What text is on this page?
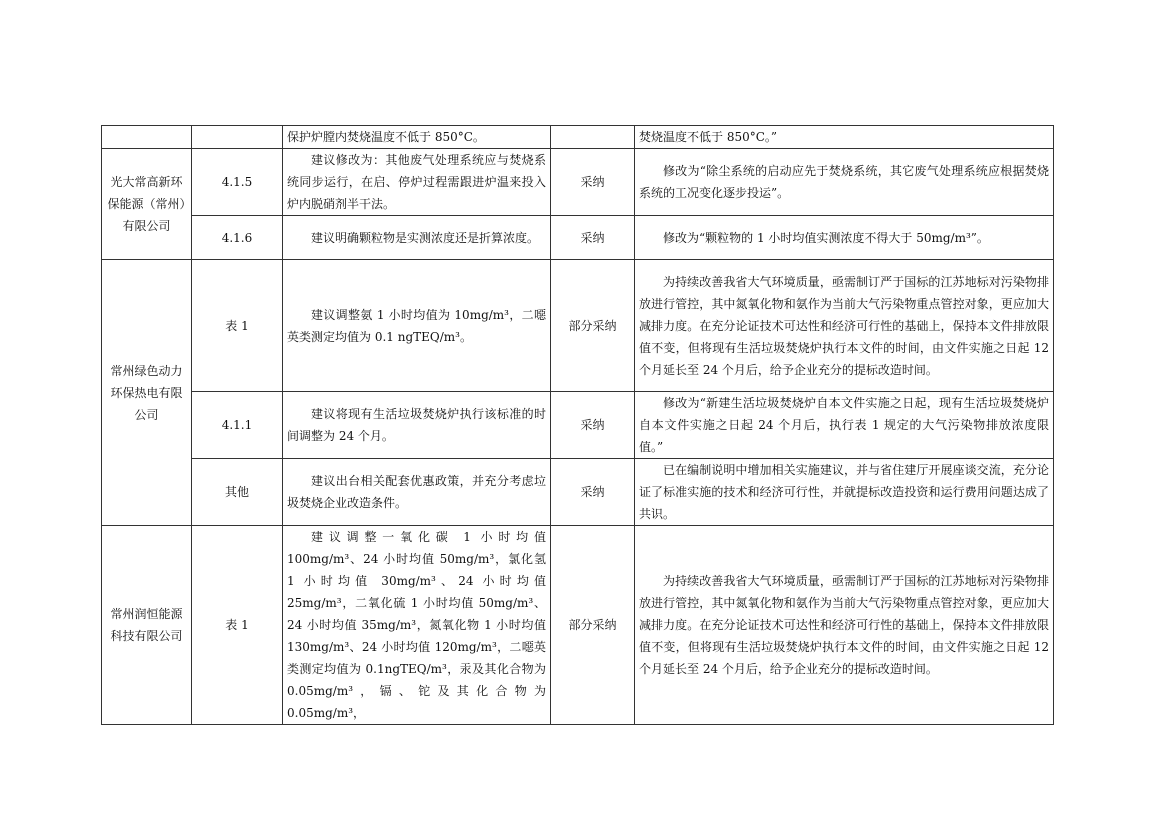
		保护炉膛内焚烧温度不低于 850°C。		焚烧温度不低于 850°C。”
光大常高新环保能源（常州）有限公司	4.1.5	建议修改为：其他废气处理系统应与焚烧系统同步运行，在启、停炉过程需跟进炉温来投入炉内脱硝剂半干法。	采纳	修改为“除尘系统的启动应先于焚烧系统，其它废气处理系统应根据焚烧系统的工况变化逐步投运”。
	4.1.6	建议明确颗粒物是实测浓度还是折算浓度。	采纳	修改为“颗粒物的 1 小时均值实测浓度不得大于 50mg/m³”。
常州绿色动力环保热电有限公司	表 1	建议调整氨 1 小时均值为 10mg/m³，二噁英类测定均值为 0.1 ngTEQ/m³。	部分采纳	为持续改善我省大气环境质量，亟需制订严于国标的江苏地标对污染物排放进行管控，其中氮氧化物和氨作为当前大气污染物重点管控对象，更应加大减排力度。在充分论证技术可达性和经济可行性的基础上，保持本文件排放限值不变，但将现有生活垃圾焚烧炉执行本文件的时间，由文件实施之日起 12 个月延长至 24 个月后，给予企业充分的提标改造时间。
	4.1.1	建议将现有生活垃圾焚烧炉执行该标准的时间调整为 24 个月。	采纳	修改为“新建生活垃圾焚烧炉自本文件实施之日起，现有生活垃圾焚烧炉自本文件实施之日起 24 个月后，执行表 1 规定的大气污染物排放浓度限值。”
	其他	建议出台相关配套优惠政策，并充分考虑垃圾焚烧企业改造条件。	采纳	已在编制说明中增加相关实施建议，并与省住建厅开展座谈交流，充分论证了标准实施的技术和经济可行性，并就提标改造投资和运行费用问题达成了共识。
常州润恒能源科技有限公司	表 1	建议调整一氧化碳 1 小时均值 100mg/m³、24 小时均值 50mg/m³，氯化氢 1 小时均值 30mg/m³、24 小时均值 25mg/m³，二氧化硫 1 小时均值 50mg/m³、24 小时均值 35mg/m³，氮氧化物 1 小时均值 130mg/m³、24 小时均值 120mg/m³，二噁英类测定均值为 0.1ngTEQ/m³，汞及其化合物为 0.05mg/m³，镉、铊及其化合物为 0.05mg/m³，	部分采纳	为持续改善我省大气环境质量，亟需制订严于国标的江苏地标对污染物排放进行管控，其中氮氧化物和氨作为当前大气污染物重点管控对象，更应加大减排力度。在充分论证技术可达性和经济可行性的基础上，保持本文件排放限值不变，但将现有生活垃圾焚烧炉执行本文件的时间，由文件实施之日起 12 个月延长至 24 个月后，给予企业充分的提标改造时间。
